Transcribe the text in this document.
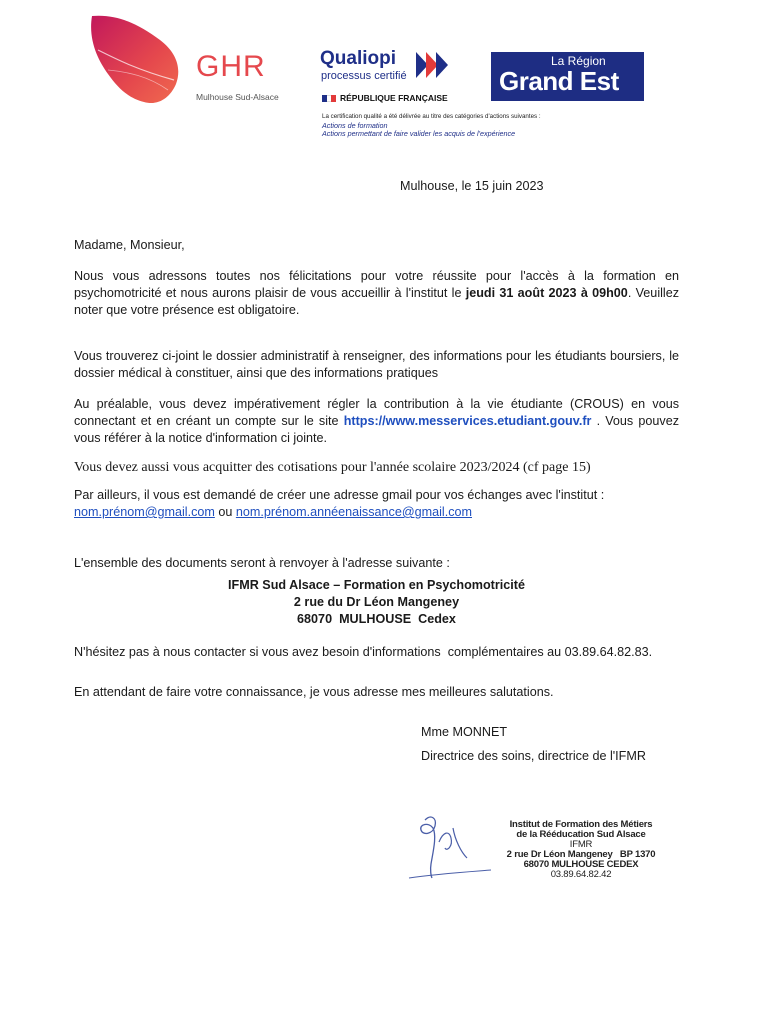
GHR
Mulhouse Sud-Alsace
Qualiopi
processus certifié
RÉPUBLIQUE FRANÇAISE
La Région
Grand Est
La certification qualité a été délivrée au titre des catégories d'actions suivantes :
Actions de formation
Actions permettant de faire valider les acquis de l'expérience
Mulhouse, le 15 juin 2023
Madame, Monsieur,
Nous vous adressons toutes nos félicitations pour votre réussite pour l'accès à la formation en psychomotricité et nous aurons plaisir de vous accueillir à l'institut le jeudi 31 août 2023 à 09h00. Veuillez noter que votre présence est obligatoire.
Vous trouverez ci-joint le dossier administratif à renseigner, des informations pour les étudiants boursiers, le dossier médical à constituer, ainsi que des informations pratiques
Au préalable, vous devez impérativement régler la contribution à la vie étudiante (CROUS) en vous connectant et en créant un compte sur le site https://www.messervices.etudiant.gouv.fr . Vous pouvez vous référer à la notice d'information ci jointe.
Vous devez aussi vous acquitter des cotisations pour l'année scolaire 2023/2024 (cf page 15)
Par ailleurs, il vous est demandé de créer une adresse gmail pour vos échanges avec l'institut :
nom.prénom@gmail.com ou nom.prénom.annéenaissance@gmail.com
L'ensemble des documents seront à renvoyer à l'adresse suivante :
IFMR Sud Alsace – Formation en Psychomotricité
2 rue du Dr Léon Mangeney
68070  MULHOUSE  Cedex
N'hésitez pas à nous contacter si vous avez besoin d'informations  complémentaires au 03.89.64.82.83.
En attendant de faire votre connaissance, je vous adresse mes meilleures salutations.
Mme MONNET
Directrice des soins, directrice de l'IFMR
Institut de Formation des Métiers
de la Rééducation Sud Alsace
IFMR
2 rue Dr Léon Mangeney   BP 1370
68070 MULHOUSE CEDEX
03.89.64.82.42
